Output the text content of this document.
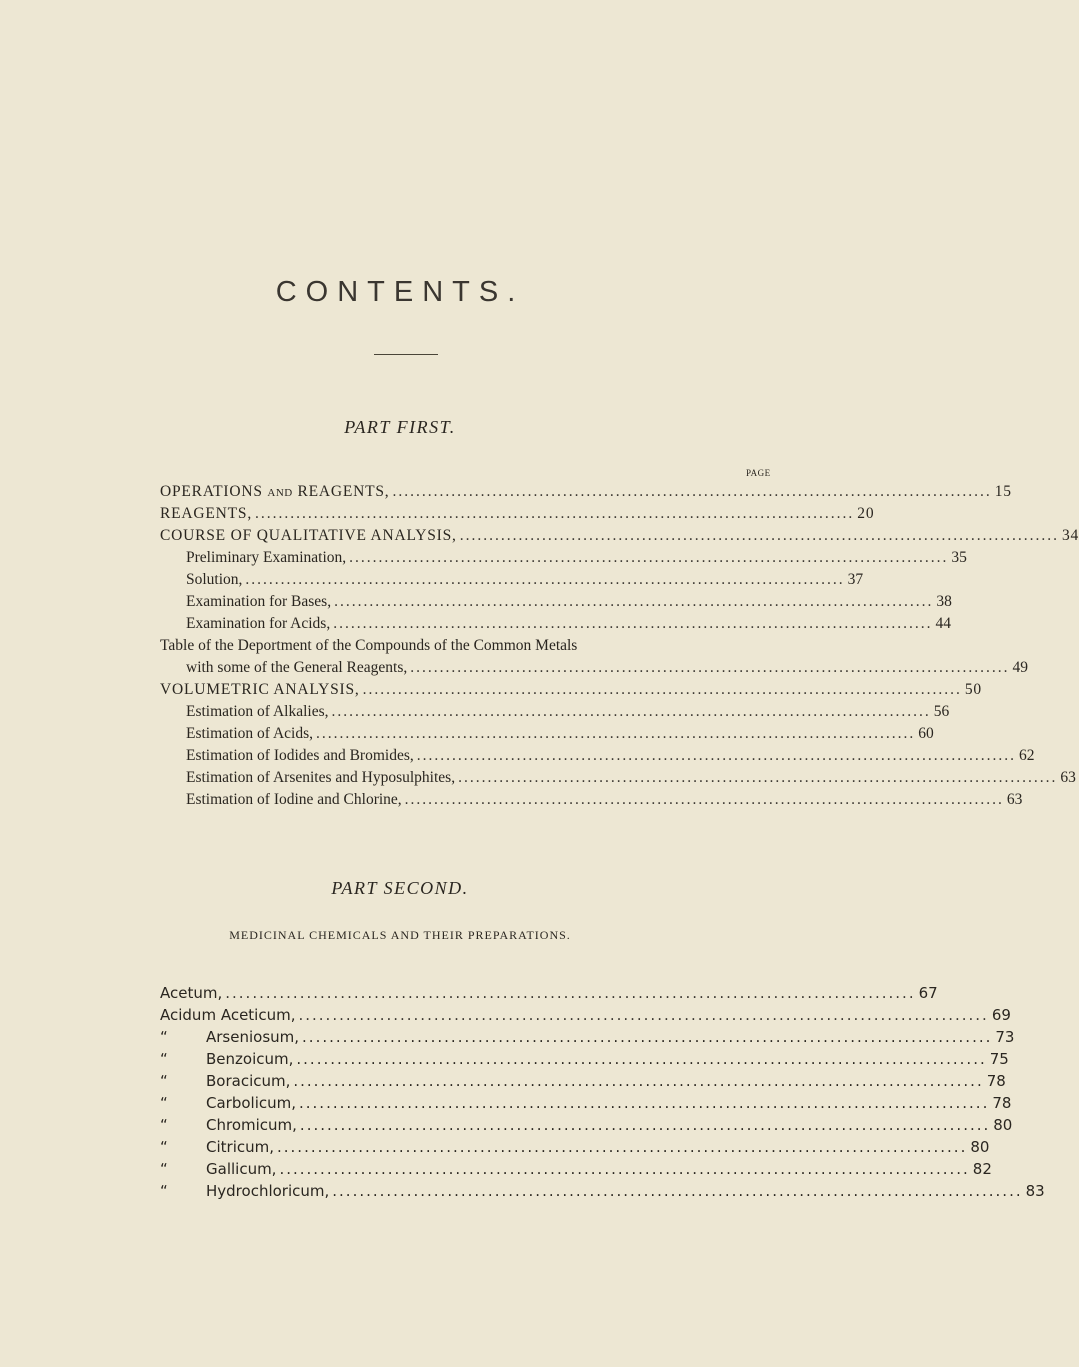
CONTENTS.
PART FIRST.
PAGE
OPERATIONS AND REAGENTS, ...................................................................................................... 15
REAGENTS, ...................................................................................................... 20
COURSE OF QUALITATIVE ANALYSIS, ...................................................................................................... 34
Preliminary Examination, ...................................................................................................... 35
Solution, ...................................................................................................... 37
Examination for Bases, ...................................................................................................... 38
Examination for Acids, ...................................................................................................... 44
Table of the Deportment of the Compounds of the Common Metals
with some of the General Reagents, ...................................................................................................... 49
VOLUMETRIC ANALYSIS, ...................................................................................................... 50
Estimation of Alkalies, ...................................................................................................... 56
Estimation of Acids, ...................................................................................................... 60
Estimation of Iodides and Bromides, ...................................................................................................... 62
Estimation of Arsenites and Hyposulphites, ...................................................................................................... 63
Estimation of Iodine and Chlorine, ...................................................................................................... 63
PART SECOND.
MEDICINAL CHEMICALS AND THEIR PREPARATIONS.
Acetum, ...................................................................................................... 67
Acidum Aceticum, ...................................................................................................... 69
“	Arseniosum, ...................................................................................................... 73
“	Benzoicum, ...................................................................................................... 75
“	Boracicum, ...................................................................................................... 78
“	Carbolicum, ...................................................................................................... 78
“	Chromicum, ...................................................................................................... 80
“	Citricum, ...................................................................................................... 80
“	Gallicum, ...................................................................................................... 82
“	Hydrochloricum, ...................................................................................................... 83
